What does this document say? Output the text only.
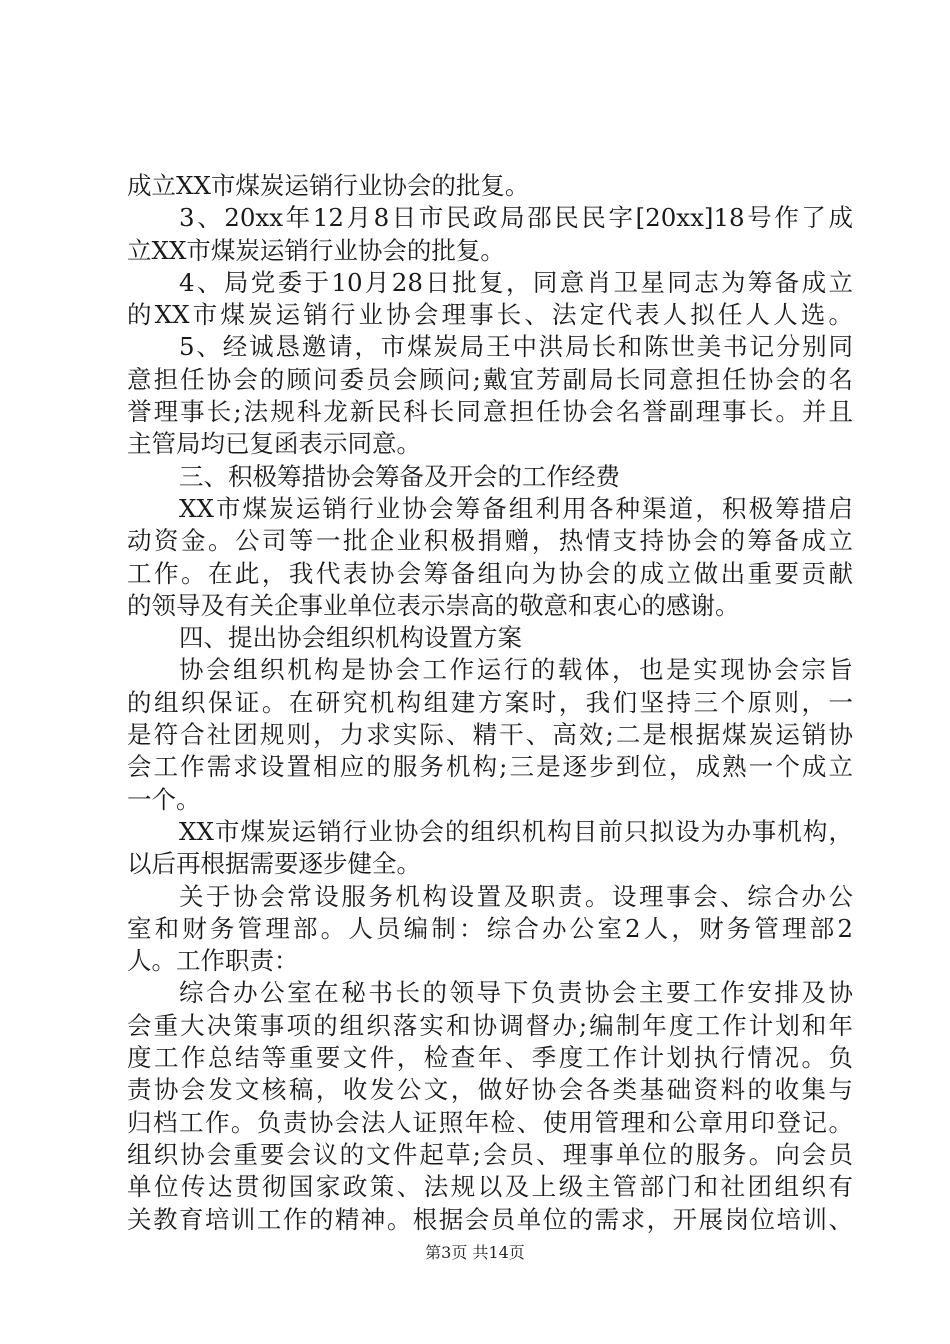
成立XX市煤炭运销行业协会的批复。
3、20xx年12月8日市民政局邵民民字[20xx]18号作了成
立XX市煤炭运销行业协会的批复。
4、局党委于10月28日批复，同意肖卫星同志为筹备成立
的XX市煤炭运销行业协会理事长、法定代表人拟任人人选。
5、经诚恳邀请，市煤炭局王中洪局长和陈世美书记分别同
意担任协会的顾问委员会顾问;戴宜芳副局长同意担任协会的名
誉理事长;法规科龙新民科长同意担任协会名誉副理事长。并且
主管局均已复函表示同意。
三、积极筹措协会筹备及开会的工作经费
XX市煤炭运销行业协会筹备组利用各种渠道，积极筹措启
动资金。公司等一批企业积极捐赠，热情支持协会的筹备成立
工作。在此，我代表协会筹备组向为协会的成立做出重要贡献
的领导及有关企事业单位表示崇高的敬意和衷心的感谢。
四、提出协会组织机构设置方案
协会组织机构是协会工作运行的载体，也是实现协会宗旨
的组织保证。在研究机构组建方案时，我们坚持三个原则，一
是符合社团规则，力求实际、精干、高效;二是根据煤炭运销协
会工作需求设置相应的服务机构;三是逐步到位，成熟一个成立
一个。
XX市煤炭运销行业协会的组织机构目前只拟设为办事机构，
以后再根据需要逐步健全。
关于协会常设服务机构设置及职责。设理事会、综合办公
室和财务管理部。人员编制：综合办公室2人，财务管理部2
人。工作职责：
综合办公室在秘书长的领导下负责协会主要工作安排及协
会重大决策事项的组织落实和协调督办;编制年度工作计划和年
度工作总结等重要文件，检查年、季度工作计划执行情况。负
责协会发文核稿，收发公文，做好协会各类基础资料的收集与
归档工作。负责协会法人证照年检、使用管理和公章用印登记。
组织协会重要会议的文件起草;会员、理事单位的服务。向会员
单位传达贯彻国家政策、法规以及上级主管部门和社团组织有
关教育培训工作的精神。根据会员单位的需求，开展岗位培训、
第3页 共14页
